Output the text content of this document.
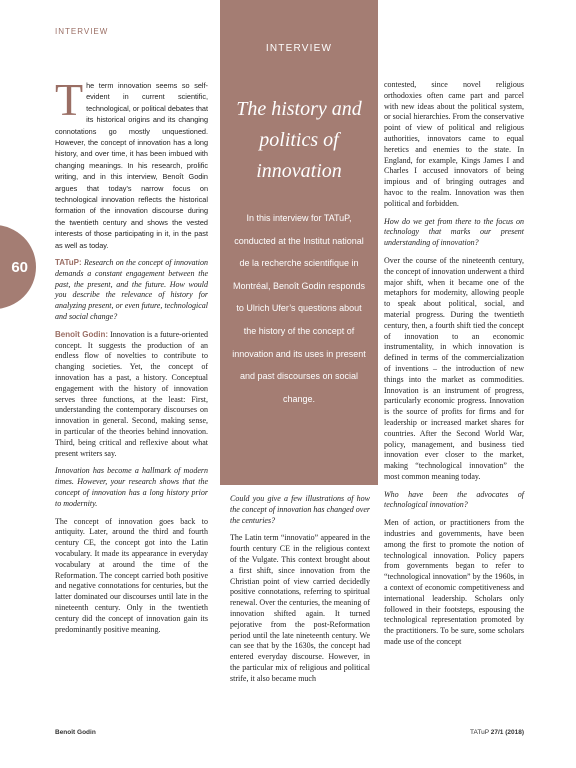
INTERVIEW
60
INTERVIEW
The history and politics of innovation
In this interview for TATuP, conducted at the Institut national de la recherche scientifique in Montréal, Benoît Godin responds to Ulrich Ufer’s questions about the history of the concept of innovation and its uses in present and past discourses on social change.

The term innovation seems so self-evident in current scientific, technological, or political debates that its historical origins and its changing connotations go mostly unquestioned. However, the concept of innovation has a long history, and over time, it has been imbued with changing meanings. In his research, prolific writing, and in this interview, Benoît Godin argues that today’s narrow focus on technological innovation reflects the historical formation of the innovation discourse during the twentieth century and shows the vested interests of those participating in it, in the past as well as today.

TATuP: Research on the concept of innovation demands a constant engagement between the past, the present, and the future. How would you describe the relevance of history for analyzing present, or even future, technological and social change?

Benoît Godin: Innovation is a future-oriented concept. It suggests the production of an endless flow of novelties to contribute to changing societies. Yet, the concept of innovation has a past, a history. Conceptual engagement with the history of innovation serves three functions, at the least: First, understanding the contemporary discourses on innovation in general. Second, making sense, in particular of the theories behind innovation. Third, being critical and reflexive about what present writers say.

Innovation has become a hallmark of modern times. However, your research shows that the concept of innovation has a long history prior to modernity.

The concept of innovation goes back to antiquity. Later, around the third and fourth century CE, the concept got into the Latin vocabulary. It made its appearance in everyday vocabulary at around the time of the Reformation. The concept carried both positive and negative connotations for centuries, but the latter dominated our discourses until late in the nineteenth century. Only in the twentieth century did the concept of innovation gain its predominantly positive meaning.

Could you give a few illustrations of how the concept of innovation has changed over the centuries?

The Latin term “innovatio” appeared in the fourth century CE in the religious context of the Vulgate. This context brought about a first shift, since innovation from the Christian point of view carried decidedly positive connotations, referring to spiritual renewal. Over the centuries, the meaning of innovation shifted again. It turned pejorative from the post-Reformation period until the late nineteenth century. We can see that by the 1630s, the concept had entered everyday discourse. However, in the particular mix of religious and political strife, it also became much

contested, since novel religious orthodoxies often came part and parcel with new ideas about the political system, or social hierarchies. From the conservative point of view of political and religious authorities, innovators came to equal heretics and enemies to the state. In England, for example, Kings James I and Charles I accused innovators of being impious and of bringing outrages and havoc to the realm. Innovation was then political and forbidden.

How do we get from there to the focus on technology that marks our present understanding of innovation?

Over the course of the nineteenth century, the concept of innovation underwent a third major shift, when it became one of the metaphors for modernity, allowing people to speak about political, social, and material progress. During the twentieth century, then, a fourth shift tied the concept of innovation to an economic instrumentality, in which innovation is defined in terms of the commercialization of inventions – the introduction of new things into the market as commodities. Innovation is an instrument of progress, particularly economic progress. Innovation is the source of profits for firms and for leadership or increased market shares for countries. After the Second World War, policy, management, and business tied innovation ever closer to the market, making “technological innovation” the most common meaning today.

Who have been the advocates of technological innovation?

Men of action, or practitioners from the industries and governments, have been among the first to promote the notion of technological innovation. Policy papers from governments began to refer to “technological innovation” by the 1960s, in a context of economic competitiveness and international leadership. Scholars only followed in their footsteps, espousing the technological representation promoted by the practitioners. To be sure, some scholars made use of the concept

Benoît Godin	TATuP 27/1 (2018)
